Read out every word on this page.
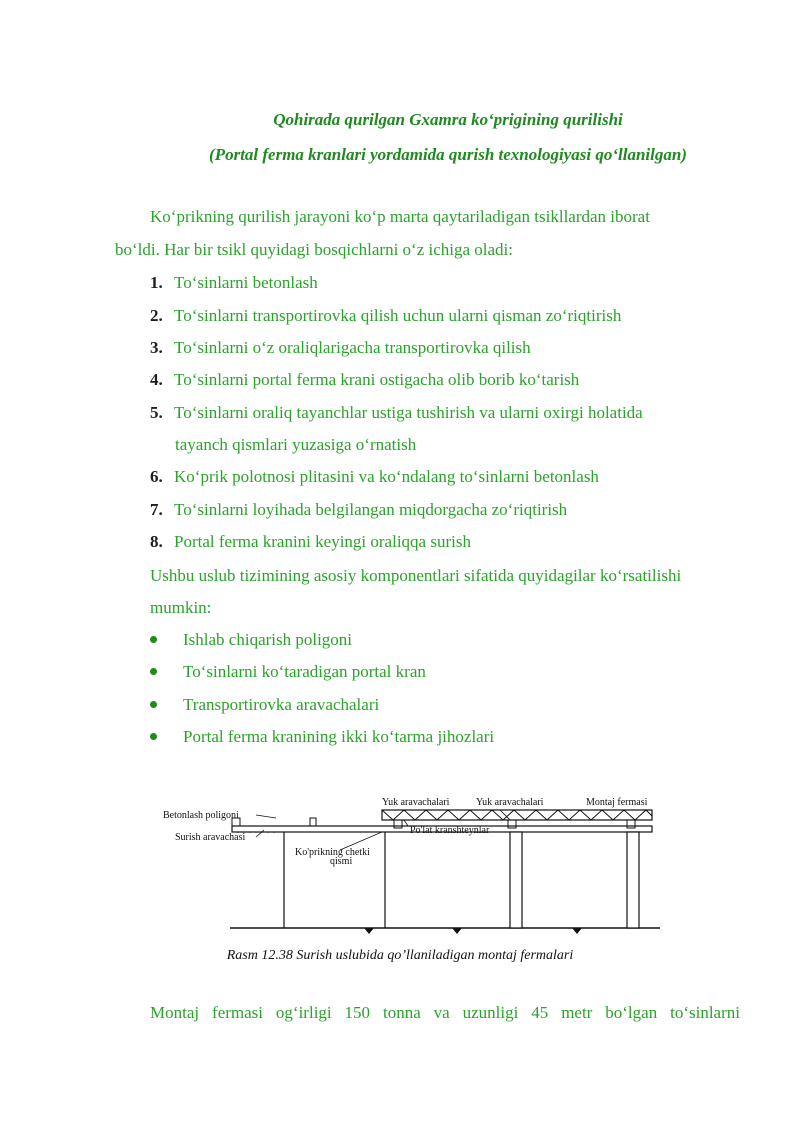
Qohirada qurilgan Gxamra ko‘prigining qurilishi
(Portal ferma kranlari yordamida qurish texnologiyasi qo‘llanilgan)
Ko‘prikning qurilish jarayoni ko‘p marta qaytariladigan tsikllardan iborat
bo‘ldi. Har bir tsikl quyidagi bosqichlarni o‘z ichiga oladi:
1. To‘sinlarni betonlash
2. To‘sinlarni transportirovka qilish uchun ularni qisman zo‘riqtirish
3. To‘sinlarni o‘z oraliqlarigacha transportirovka qilish
4. To‘sinlarni portal ferma krani ostigacha olib borib ko‘tarish
5. To‘sinlarni oraliq tayanchlar ustiga tushirish va ularni oxirgi holatida
tayanch qismlari yuzasiga o‘rnatish
6. Ko‘prik polotnosi plitasini va ko‘ndalang to‘sinlarni betonlash
7. To‘sinlarni loyihada belgilangan miqdorgacha zo‘riqtirish
8. Portal ferma kranini keyingi oraliqqa surish
Ushbu uslub tizimining asosiy komponentlari sifatida quyidagilar ko‘rsatilishi
mumkin:
Ishlab chiqarish poligoni
To‘sinlarni ko‘taradigan portal kran
Transportirovka aravachalari
Portal ferma kranining ikki ko‘tarma jihozlari
Betonlash poligoni
Surish aravachasi
Ko'prikning chetki
qismi
Yuk aravachalari	Yuk aravachalari	Montaj fermasi
Po'lat kranshteynlar
Rasm 12.38 Surish uslubida qo’llaniladigan montaj fermalari
Montaj fermasi og‘irligi 150 tonna va uzunligi 45 metr bo‘lgan to‘sinlarni
